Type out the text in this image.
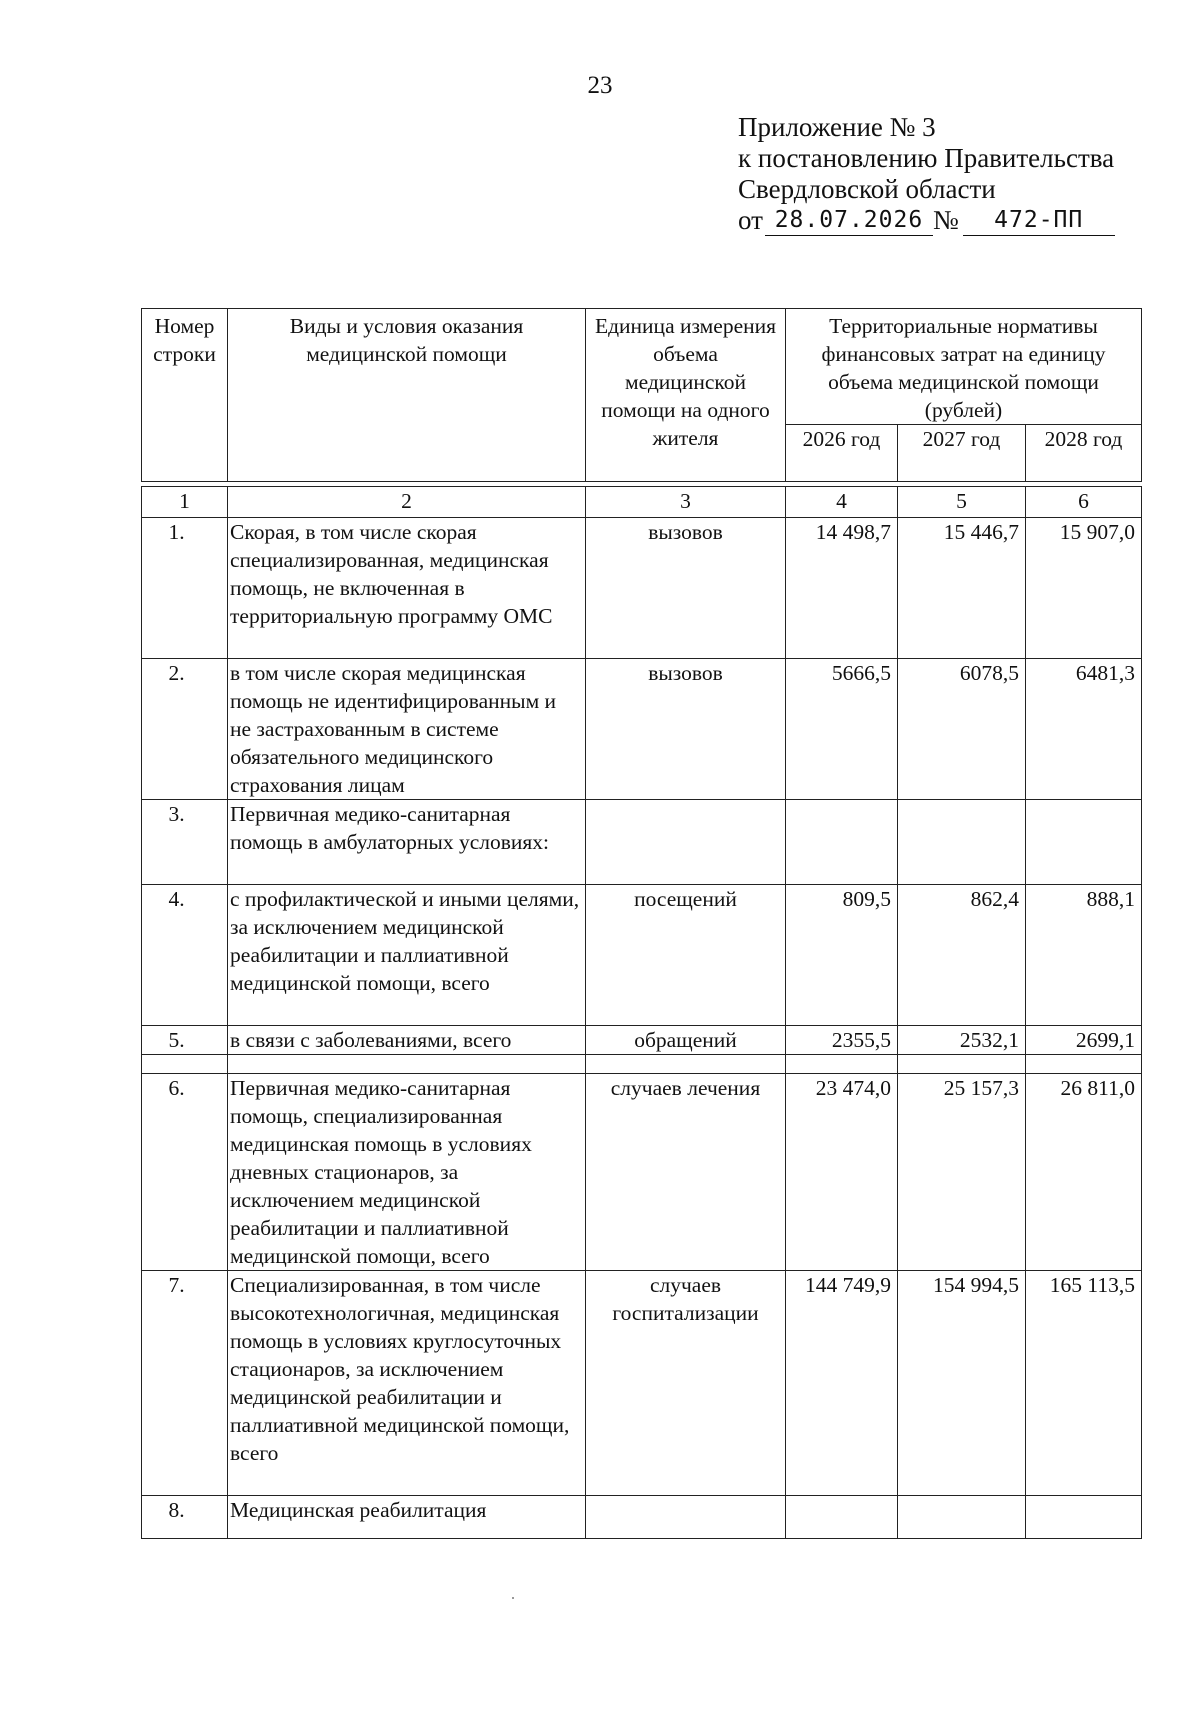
23
Приложение № 3
к постановлению Правительства
Свердловской области
от 28.07.2026 № 472-ПП
Номер строки	Виды и условия оказания медицинской помощи	Единица измерения объема медицинской помощи на одного жителя	Территориальные нормативы финансовых затрат на единицу объема медицинской помощи (рублей)		
			2026 год	2027 год	2028 год

1	2	3	4	5	6
1.	Скорая, в том числе скорая специализированная, медицинская помощь, не включенная в территориальную программу ОМС	вызовов	14 498,7	15 446,7	15 907,0
2.	в том числе скорая медицинская помощь не идентифицированным и не застрахованным в системе обязательного медицинского страхования лицам	вызовов	5666,5	6078,5	6481,3
3.	Первичная медико-санитарная помощь в амбулаторных условиях:				
4.	с профилактической и иными целями, за исключением медицинской реабилитации и паллиативной медицинской помощи, всего	посещений	809,5	862,4	888,1
5.	в связи с заболеваниями, всего	обращений	2355,5	2532,1	2699,1

6.	Первичная медико-санитарная помощь, специализированная медицинская помощь в условиях дневных стационаров, за исключением медицинской реабилитации и паллиативной медицинской помощи, всего	случаев лечения	23 474,0	25 157,3	26 811,0
7.	Специализированная, в том числе высокотехнологичная, медицинская помощь в условиях круглосуточных стационаров, за исключением медицинской реабилитации и паллиативной медицинской помощи, всего	случаев госпитализации	144 749,9	154 994,5	165 113,5
8.	Медицинская реабилитация				
